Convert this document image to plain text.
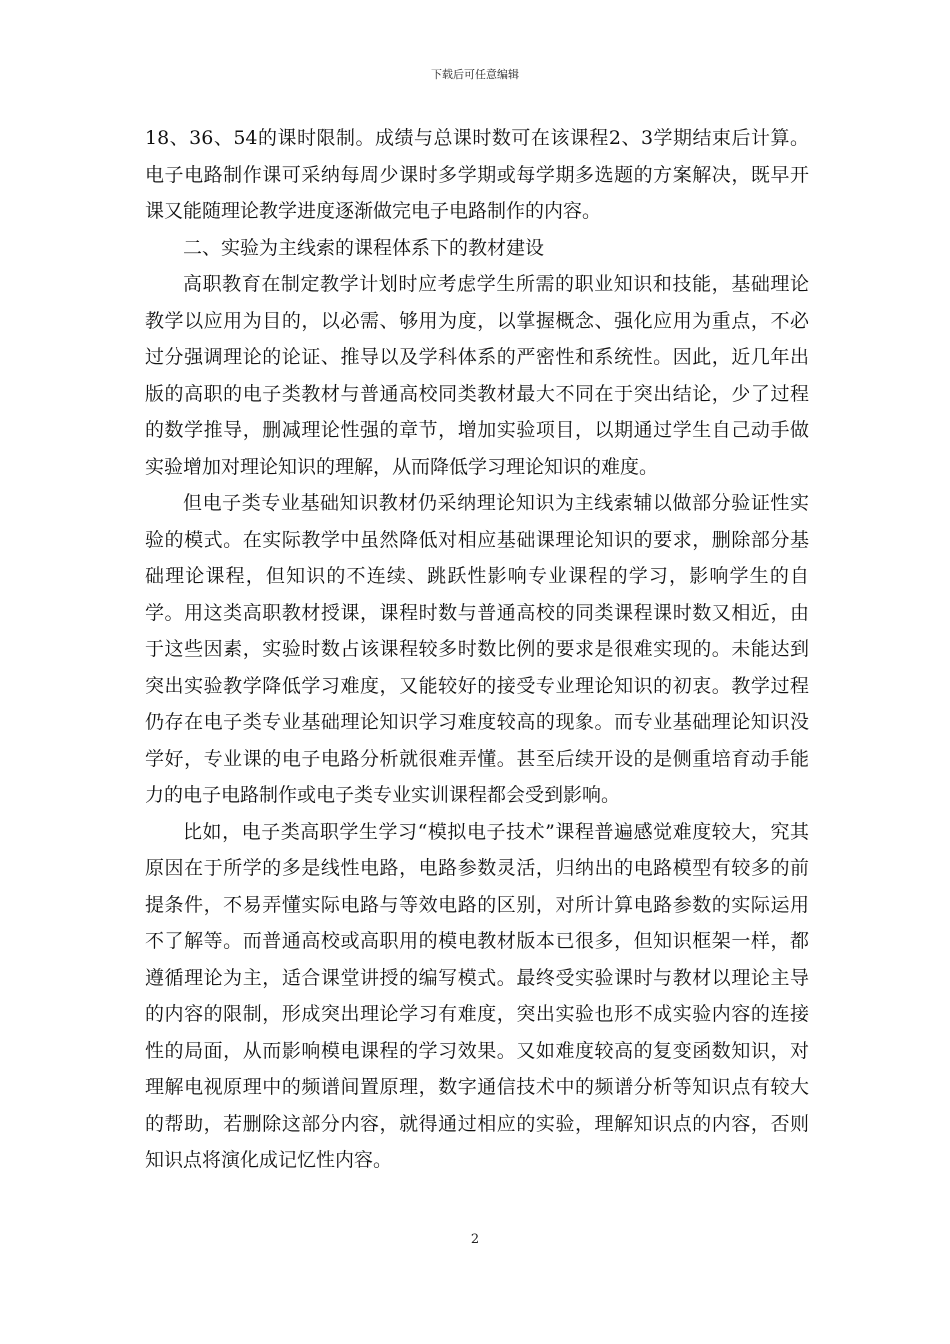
下载后可任意编辑

18、36、54的课时限制。成绩与总课时数可在该课程2、3学期结束后计算。电子电路制作课可采纳每周少课时多学期或每学期多选题的方案解决，既早开课又能随理论教学进度逐渐做完电子电路制作的内容。

二、实验为主线索的课程体系下的教材建设

高职教育在制定教学计划时应考虑学生所需的职业知识和技能，基础理论教学以应用为目的，以必需、够用为度，以掌握概念、强化应用为重点，不必过分强调理论的论证、推导以及学科体系的严密性和系统性。因此，近几年出版的高职的电子类教材与普通高校同类教材最大不同在于突出结论，少了过程的数学推导，删减理论性强的章节，增加实验项目，以期通过学生自己动手做实验增加对理论知识的理解，从而降低学习理论知识的难度。

但电子类专业基础知识教材仍采纳理论知识为主线索辅以做部分验证性实验的模式。在实际教学中虽然降低对相应基础课理论知识的要求，删除部分基础理论课程，但知识的不连续、跳跃性影响专业课程的学习，影响学生的自学。用这类高职教材授课，课程时数与普通高校的同类课程课时数又相近，由于这些因素，实验时数占该课程较多时数比例的要求是很难实现的。未能达到突出实验教学降低学习难度，又能较好的接受专业理论知识的初衷。教学过程仍存在电子类专业基础理论知识学习难度较高的现象。而专业基础理论知识没学好，专业课的电子电路分析就很难弄懂。甚至后续开设的是侧重培育动手能力的电子电路制作或电子类专业实训课程都会受到影响。

比如，电子类高职学生学习“模拟电子技术”课程普遍感觉难度较大，究其原因在于所学的多是线性电路，电路参数灵活，归纳出的电路模型有较多的前提条件，不易弄懂实际电路与等效电路的区别，对所计算电路参数的实际运用不了解等。而普通高校或高职用的模电教材版本已很多，但知识框架一样，都遵循理论为主，适合课堂讲授的编写模式。最终受实验课时与教材以理论主导的内容的限制，形成突出理论学习有难度，突出实验也形不成实验内容的连接性的局面，从而影响模电课程的学习效果。又如难度较高的复变函数知识，对理解电视原理中的频谱间置原理，数字通信技术中的频谱分析等知识点有较大的帮助，若删除这部分内容，就得通过相应的实验，理解知识点的内容，否则知识点将演化成记忆性内容。

2
